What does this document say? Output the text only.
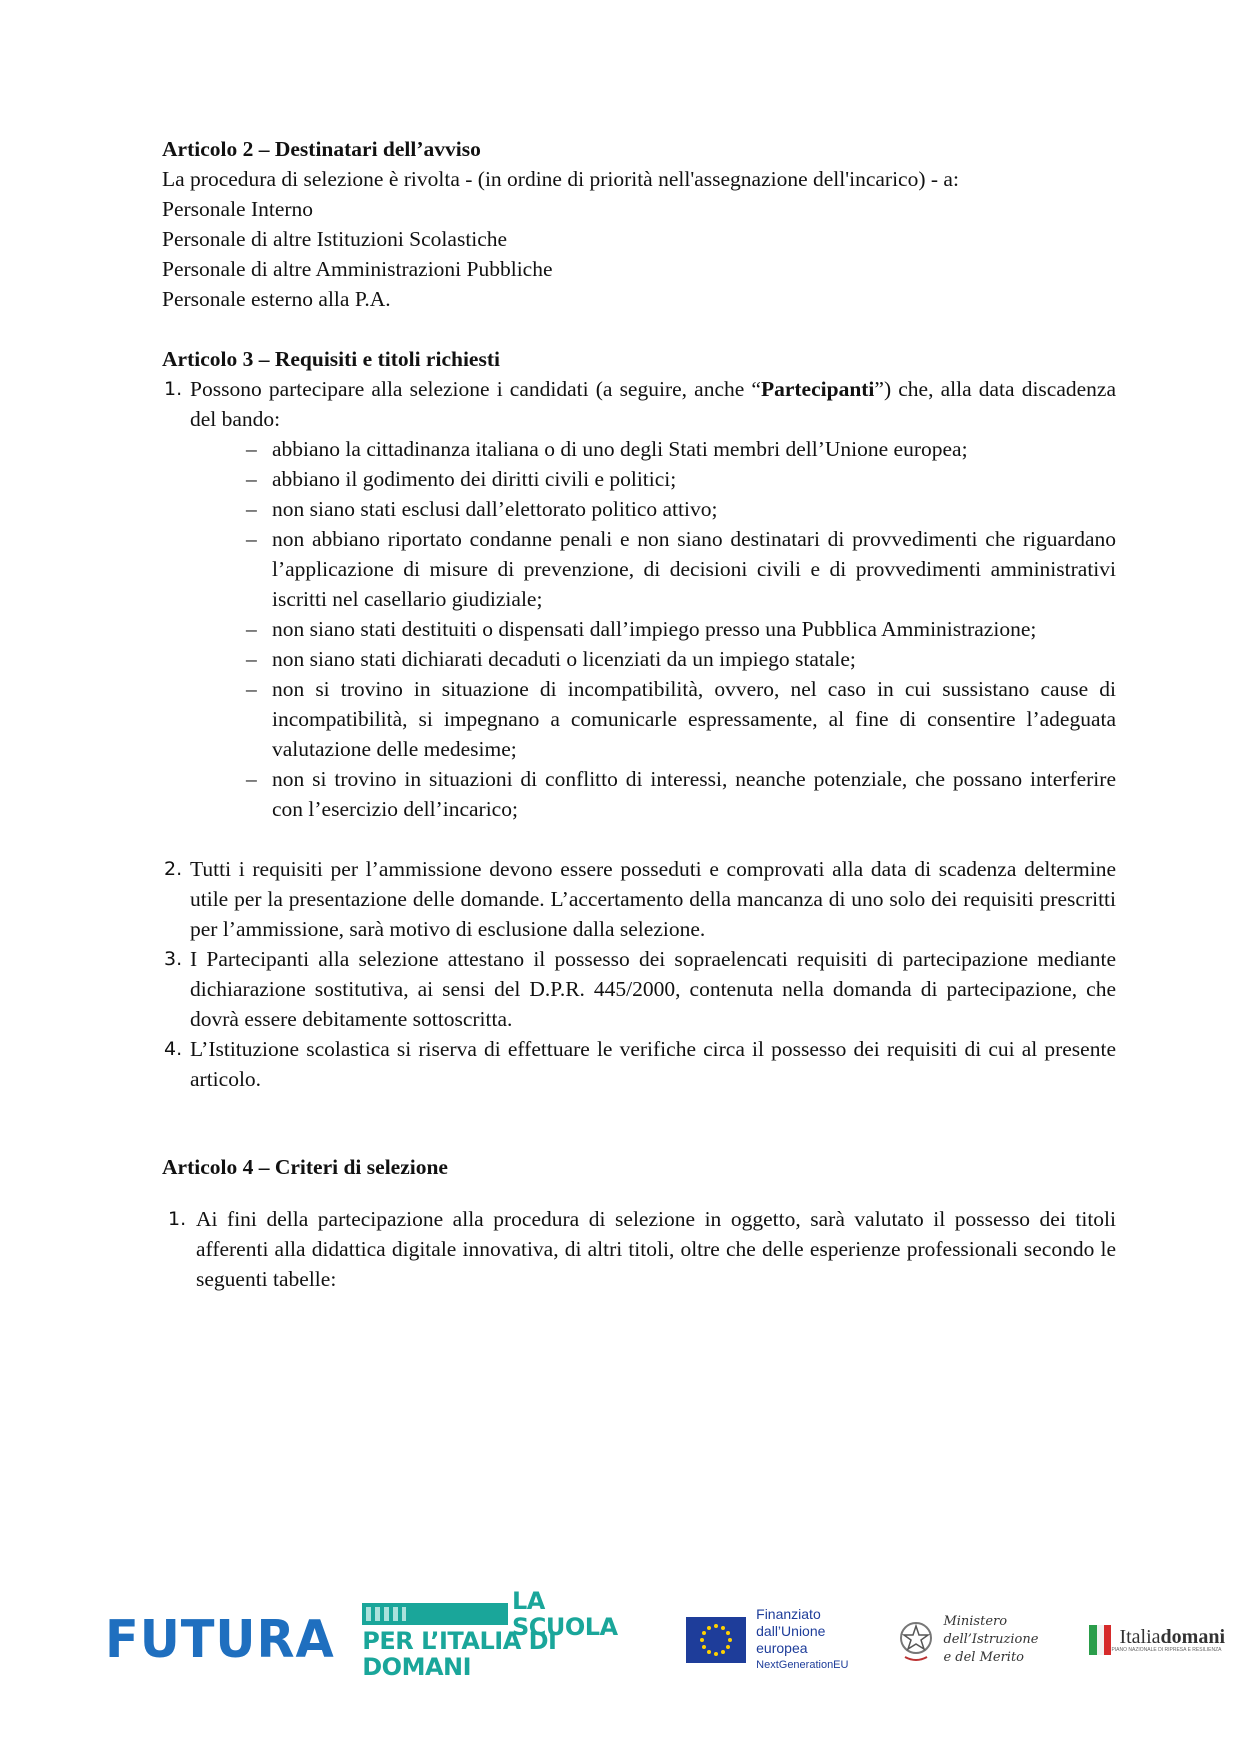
Articolo 2 – Destinatari dell’avviso
La procedura di selezione è rivolta - (in ordine di priorità nell'assegnazione dell'incarico) - a:
Personale Interno
Personale di altre Istituzioni Scolastiche
Personale di altre Amministrazioni Pubbliche
Personale esterno alla P.A.
Articolo 3 – Requisiti e titoli richiesti
1. Possono partecipare alla selezione i candidati (a seguire, anche “Partecipanti”) che, alla data discadenza del bando:
– abbiano la cittadinanza italiana o di uno degli Stati membri dell’Unione europea;
– abbiano il godimento dei diritti civili e politici;
– non siano stati esclusi dall’elettorato politico attivo;
– non abbiano riportato condanne penali e non siano destinatari di provvedimenti che riguardano l’applicazione di misure di prevenzione, di decisioni civili e di provvedimenti amministrativi iscritti nel casellario giudiziale;
– non siano stati destituiti o dispensati dall’impiego presso una Pubblica Amministrazione;
– non siano stati dichiarati decaduti o licenziati da un impiego statale;
– non si trovino in situazione di incompatibilità, ovvero, nel caso in cui sussistano cause di incompatibilità, si impegnano a comunicarle espressamente, al fine di consentire l’adeguata valutazione delle medesime;
– non si trovino in situazioni di conflitto di interessi, neanche potenziale, che possano interferire con l’esercizio dell’incarico;
2. Tutti i requisiti per l’ammissione devono essere posseduti e comprovati alla data di scadenza deltermine utile per la presentazione delle domande. L’accertamento della mancanza di uno solo dei requisiti prescritti per l’ammissione, sarà motivo di esclusione dalla selezione.
3. I Partecipanti alla selezione attestano il possesso dei sopraelencati requisiti di partecipazione mediante dichiarazione sostitutiva, ai sensi del D.P.R. 445/2000, contenuta nella domanda di partecipazione, che dovrà essere debitamente sottoscritta.
4. L’Istituzione scolastica si riserva di effettuare le verifiche circa il possesso dei requisiti di cui al presente articolo.
Articolo 4 – Criteri di selezione
1. Ai fini della partecipazione alla procedura di selezione in oggetto, sarà valutato il possesso dei titoli afferenti alla didattica digitale innovativa, di altri titoli, oltre che delle esperienze professionali secondo le seguenti tabelle:
FUTURA
LA SCUOLA
PER L’ITALIA DI DOMANI
Finanziato
dall’Unione europea
NextGenerationEU
Ministero dell’Istruzione
e del Merito
Italiadomani
PIANO NAZIONALE DI RIPRESA E RESILIENZA
